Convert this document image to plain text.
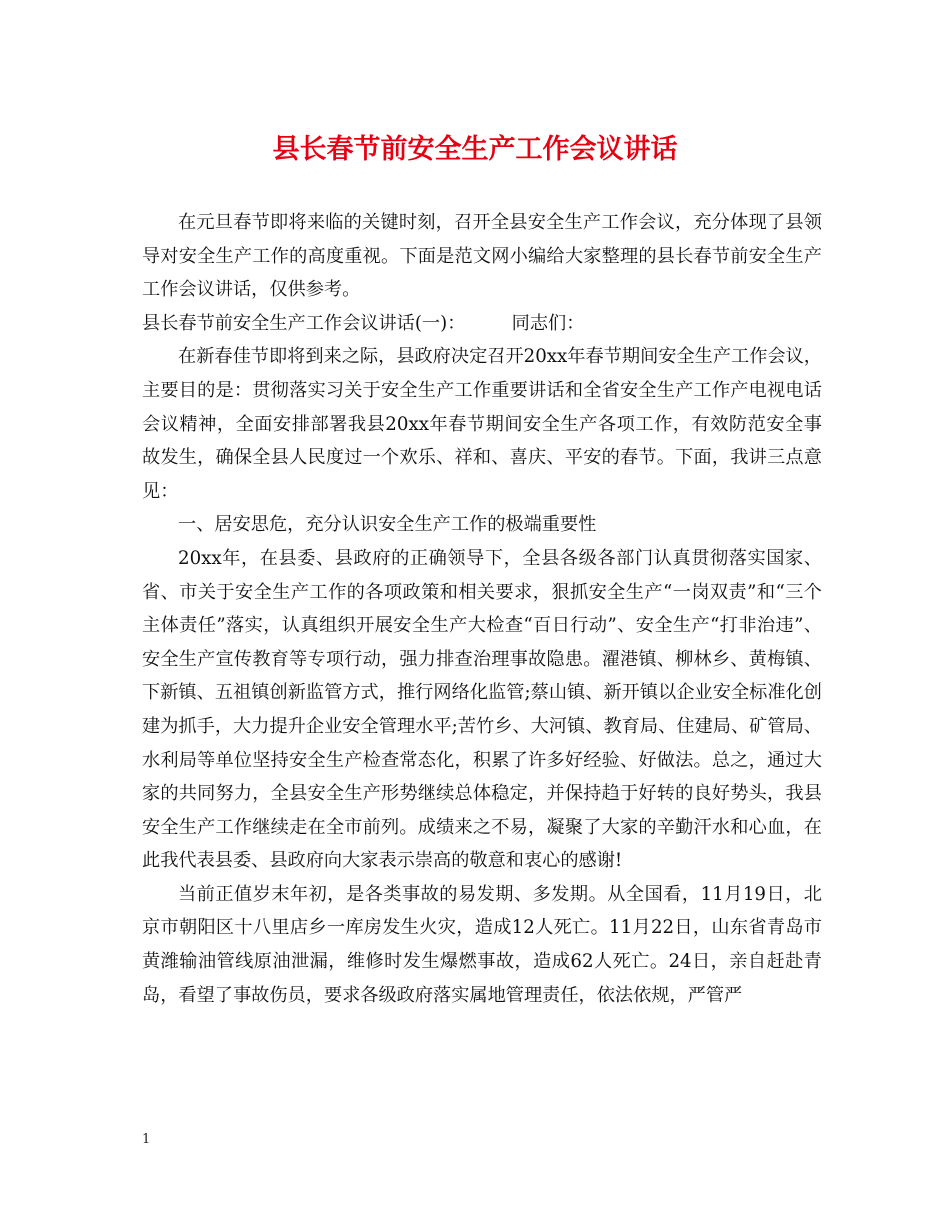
县长春节前安全生产工作会议讲话

在元旦春节即将来临的关键时刻，召开全县安全生产工作会议，充分体现了县领导对安全生产工作的高度重视。下面是范文网小编给大家整理的县长春节前安全生产工作会议讲话，仅供参考。

县长春节前安全生产工作会议讲话(一)：        同志们：

在新春佳节即将到来之际，县政府决定召开20xx年春节期间安全生产工作会议，主要目的是：贯彻落实习关于安全生产工作重要讲话和全省安全生产工作产电视电话会议精神，全面安排部署我县20xx年春节期间安全生产各项工作，有效防范安全事故发生，确保全县人民度过一个欢乐、祥和、喜庆、平安的春节。下面，我讲三点意见：

一、居安思危，充分认识安全生产工作的极端重要性

20xx年，在县委、县政府的正确领导下，全县各级各部门认真贯彻落实国家、省、市关于安全生产工作的各项政策和相关要求，狠抓安全生产“一岗双责”和“三个主体责任”落实，认真组织开展安全生产大检查“百日行动”、安全生产“打非治违”、安全生产宣传教育等专项行动，强力排查治理事故隐患。濯港镇、柳林乡、黄梅镇、下新镇、五祖镇创新监管方式，推行网络化监管;蔡山镇、新开镇以企业安全标准化创建为抓手，大力提升企业安全管理水平;苦竹乡、大河镇、教育局、住建局、矿管局、水利局等单位坚持安全生产检查常态化，积累了许多好经验、好做法。总之，通过大家的共同努力，全县安全生产形势继续总体稳定，并保持趋于好转的良好势头，我县安全生产工作继续走在全市前列。成绩来之不易，凝聚了大家的辛勤汗水和心血，在此我代表县委、县政府向大家表示崇高的敬意和衷心的感谢!

当前正值岁末年初，是各类事故的易发期、多发期。从全国看，11月19日，北京市朝阳区十八里店乡一库房发生火灾，造成12人死亡。11月22日，山东省青岛市黄潍输油管线原油泄漏，维修时发生爆燃事故，造成62人死亡。24日，亲自赶赴青岛，看望了事故伤员，要求各级政府落实属地管理责任，依法依规，严管严

1
